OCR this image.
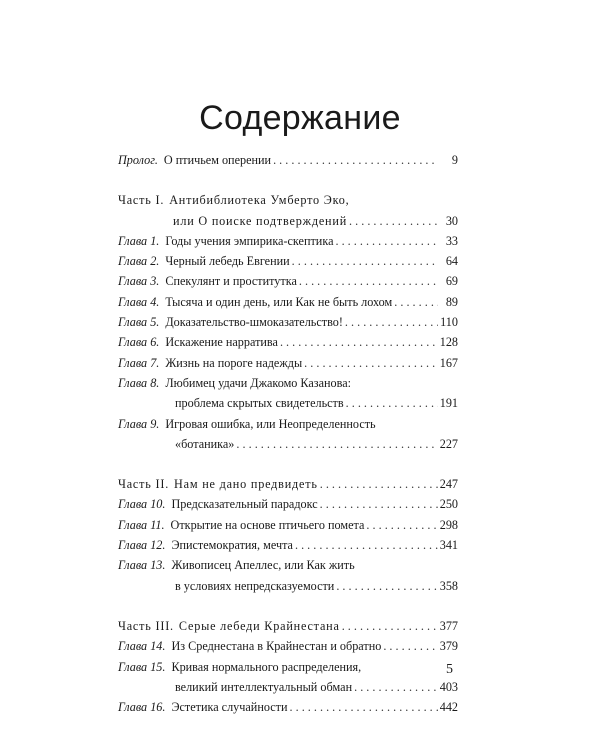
Содержание
Пролог. О птичьем оперении . . .	9
Часть I. Антибиблиотека Умберто Эко,
или О поиске подтверждений . . .	30
Глава 1. Годы учения эмпирика-скептика . . .	33
Глава 2. Черный лебедь Евгении . . .	64
Глава 3. Спекулянт и проститутка . . .	69
Глава 4. Тысяча и один день, или Как не быть лохом . . .	89
Глава 5. Доказательство-шмоказательство! . . .	110
Глава 6. Искажение нарратива . . .	128
Глава 7. Жизнь на пороге надежды . . .	167
Глава 8. Любимец удачи Джакомо Казанова:
проблема скрытых свидетельств . . .	191
Глава 9. Игровая ошибка, или Неопределенность
«ботаника» . . .	227
Часть II. Нам не дано предвидеть . . .	247
Глава 10. Предсказательный парадокс . . .	250
Глава 11. Открытие на основе птичьего помета . . .	298
Глава 12. Эпистемократия, мечта . . .	341
Глава 13. Живописец Апеллес, или Как жить
в условиях непредсказуемости . . .	358
Часть III. Серые лебеди Крайнестана . . .	377
Глава 14. Из Среднестана в Крайнестан и обратно . . .	379
Глава 15. Кривая нормального распределения,
великий интеллектуальный обман . . .	403
Глава 16. Эстетика случайности . . .	442
5
